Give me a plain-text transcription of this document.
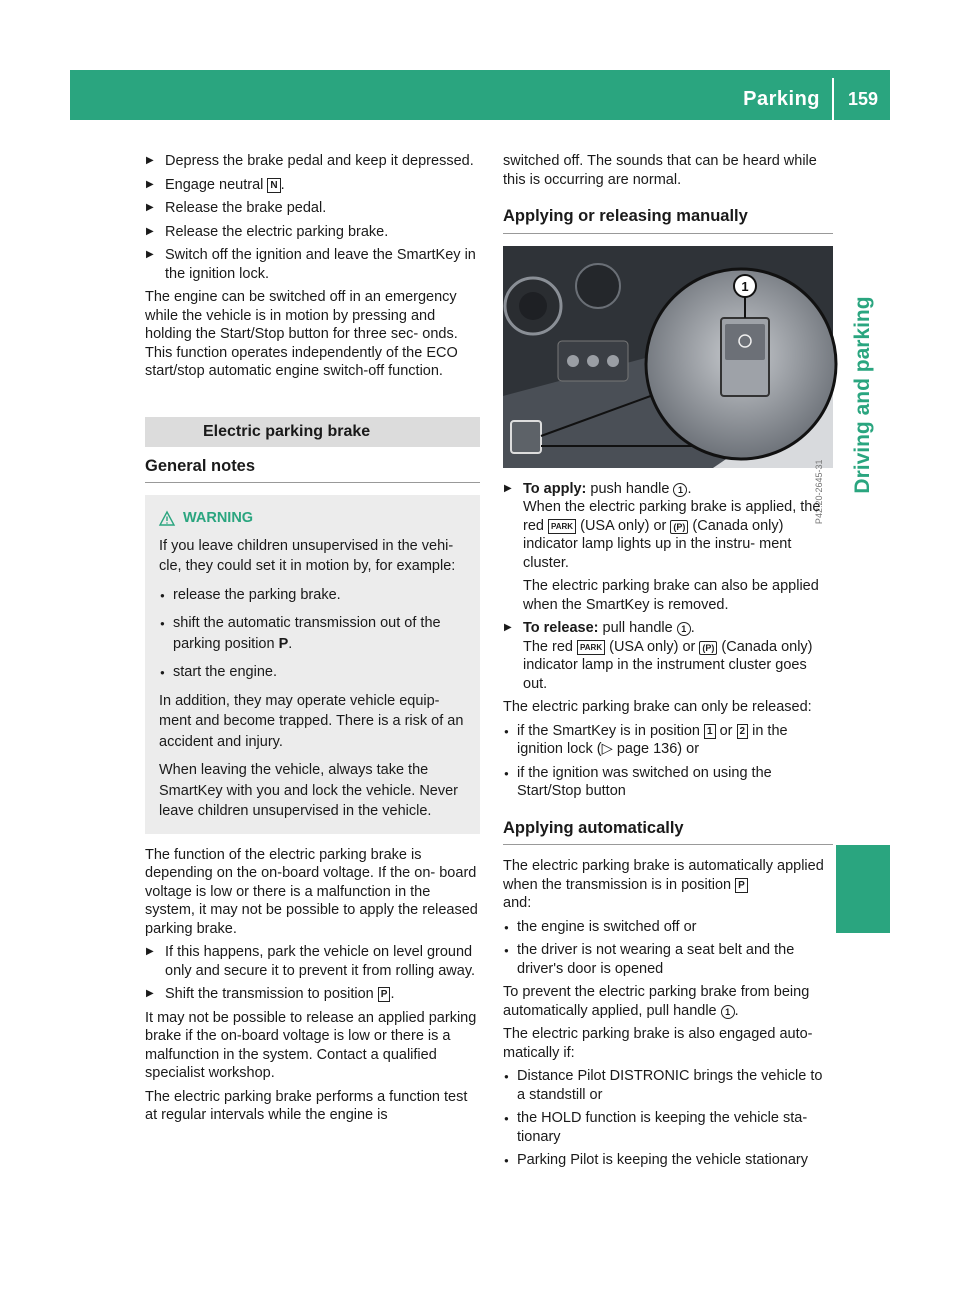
Parking 159
Driving and parking
▶ Depress the brake pedal and keep it depressed.
▶ Engage neutral N .
▶ Release the brake pedal.
▶ Release the electric parking brake.
▶ Switch off the ignition and leave the SmartKey in the ignition lock.
The engine can be switched off in an emergency while the vehicle is in motion by pressing and holding the Start/Stop button for three sec- onds. This function operates independently of the ECO start/stop automatic engine switch-off function.
Electric parking brake
General notes
WARNING
If you leave children unsupervised in the vehi- cle, they could set it in motion by, for example:
● release the parking brake.
● shift the automatic transmission out of the parking position P.
● start the engine.
In addition, they may operate vehicle equip- ment and become trapped. There is a risk of an accident and injury.
When leaving the vehicle, always take the SmartKey with you and lock the vehicle. Never leave children unsupervised in the vehicle.
The function of the electric parking brake is depending on the on-board voltage. If the on- board voltage is low or there is a malfunction in the system, it may not be possible to apply the released parking brake.
▶ If this happens, park the vehicle on level ground only and secure it to prevent it from rolling away.
▶ Shift the transmission to position P .
It may not be possible to release an applied parking brake if the on-board voltage is low or there is a malfunction in the system. Contact a qualified specialist workshop.
The electric parking brake performs a function test at regular intervals while the engine is
switched off. The sounds that can be heard while this is occurring are normal.
Applying or releasing manually
1
P42.20-2645-31
▶ To apply: push handle 1 .
When the electric parking brake is applied, the red PARK (USA only) or (P) (Canada only) indicator lamp lights up in the instru- ment cluster.
The electric parking brake can also be applied when the SmartKey is removed.
▶ To release: pull handle 1 .
The red PARK (USA only) or (P) (Canada only) indicator lamp in the instrument cluster goes out.
The electric parking brake can only be released:
● if the SmartKey is in position 1 or 2 in the ignition lock (▷ page 136) or
● if the ignition was switched on using the Start/Stop button
Applying automatically
The electric parking brake is automatically applied when the transmission is in position P
and:
● the engine is switched off or
● the driver is not wearing a seat belt and the driver's door is opened
To prevent the electric parking brake from being automatically applied, pull handle 1 .
The electric parking brake is also engaged auto- matically if:
● Distance Pilot DISTRONIC brings the vehicle to a standstill or
● the HOLD function is keeping the vehicle sta- tionary
● Parking Pilot is keeping the vehicle stationary
